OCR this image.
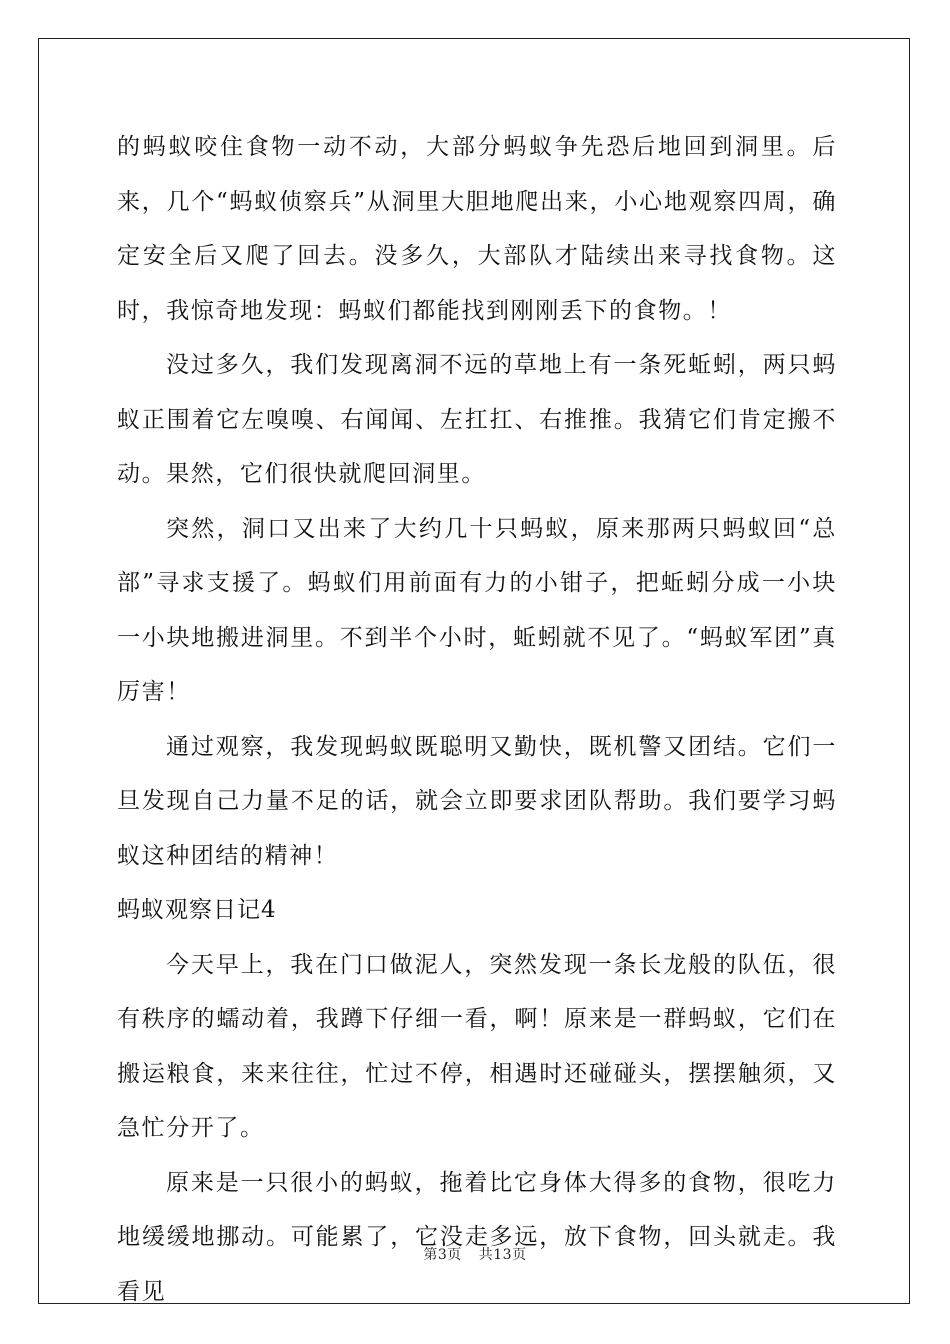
的蚂蚁咬住食物一动不动，大部分蚂蚁争先恐后地回到洞里。后来，几个“蚂蚁侦察兵”从洞里大胆地爬出来，小心地观察四周，确定安全后又爬了回去。没多久，大部队才陆续出来寻找食物。这时，我惊奇地发现：蚂蚁们都能找到刚刚丢下的食物。！

没过多久，我们发现离洞不远的草地上有一条死蚯蚓，两只蚂蚁正围着它左嗅嗅、右闻闻、左扛扛、右推推。我猜它们肯定搬不动。果然，它们很快就爬回洞里。

突然，洞口又出来了大约几十只蚂蚁，原来那两只蚂蚁回“总部”寻求支援了。蚂蚁们用前面有力的小钳子，把蚯蚓分成一小块一小块地搬进洞里。不到半个小时，蚯蚓就不见了。“蚂蚁军团”真厉害！

通过观察，我发现蚂蚁既聪明又勤快，既机警又团结。它们一旦发现自己力量不足的话，就会立即要求团队帮助。我们要学习蚂蚁这种团结的精神！

蚂蚁观察日记4

今天早上，我在门口做泥人，突然发现一条长龙般的队伍，很有秩序的蠕动着，我蹲下仔细一看，啊！原来是一群蚂蚁，它们在搬运粮食，来来往往，忙过不停，相遇时还碰碰头，摆摆触须，又急忙分开了。

原来是一只很小的蚂蚁，拖着比它身体大得多的食物，很吃力地缓缓地挪动。可能累了，它没走多远，放下食物，回头就走。我看见

第3页 共13页
